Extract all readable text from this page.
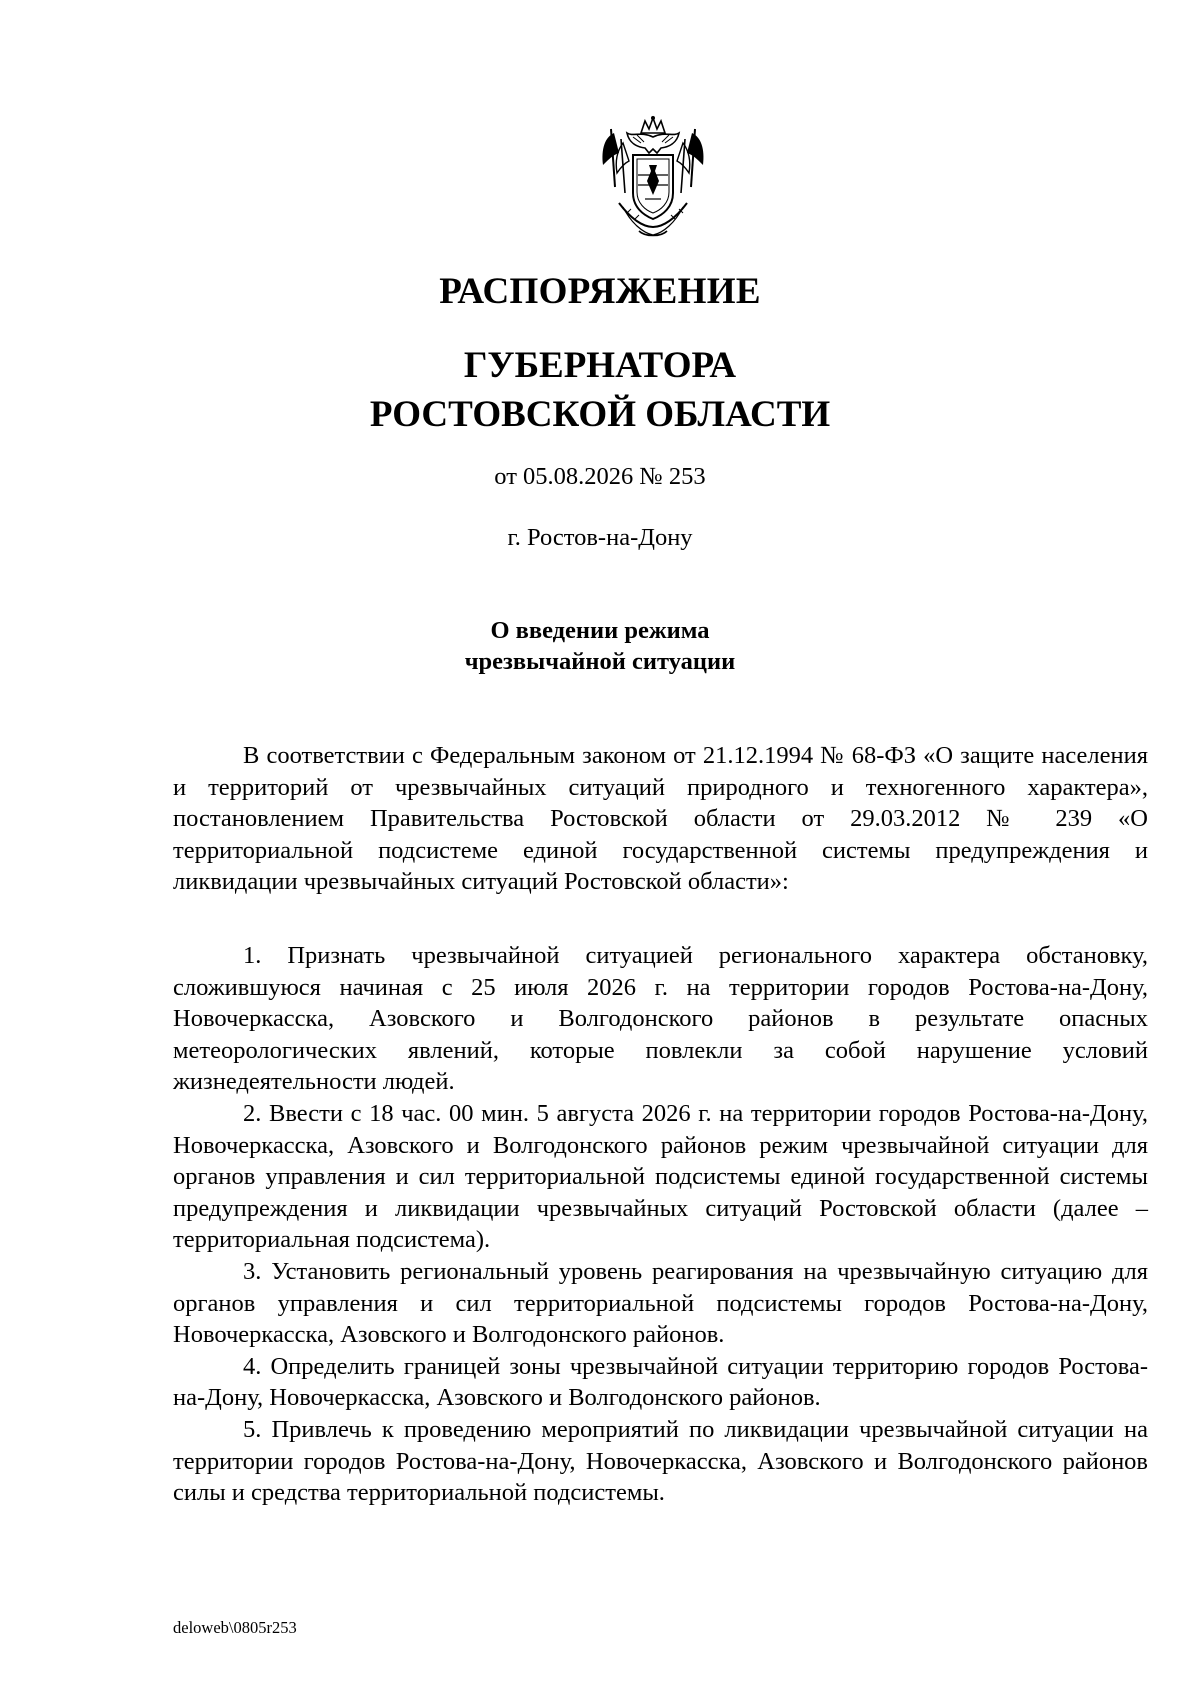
РАСПОРЯЖЕНИЕ
ГУБЕРНАТОРА
РОСТОВСКОЙ ОБЛАСТИ
от 05.08.2026 № 253
г. Ростов-на-Дону
О введении режима
чрезвычайной ситуации

В соответствии с Федеральным законом от 21.12.1994 № 68-ФЗ «О защите населения и территорий от чрезвычайных ситуаций природного и техногенного характера», постановлением Правительства Ростовской области от 29.03.2012 № 239 «О территориальной подсистеме единой государственной системы предупреждения и ликвидации чрезвычайных ситуаций Ростовской области»:

1. Признать чрезвычайной ситуацией регионального характера обстановку, сложившуюся начиная с 25 июля 2026 г. на территории городов Ростова-на-Дону, Новочеркасска, Азовского и Волгодонского районов в результате опасных метеорологических явлений, которые повлекли за собой нарушение условий жизнедеятельности людей.

2. Ввести с 18 час. 00 мин. 5 августа 2026 г. на территории городов Ростова-на-Дону, Новочеркасска, Азовского и Волгодонского районов режим чрезвычайной ситуации для органов управления и сил территориальной подсистемы единой государственной системы предупреждения и ликвидации чрезвычайных ситуаций Ростовской области (далее – территориальная подсистема).

3. Установить региональный уровень реагирования на чрезвычайную ситуацию для органов управления и сил территориальной подсистемы городов Ростова-на-Дону, Новочеркасска, Азовского и Волгодонского районов.

4. Определить границей зоны чрезвычайной ситуации территорию городов Ростова-на-Дону, Новочеркасска, Азовского и Волгодонского районов.

5. Привлечь к проведению мероприятий по ликвидации чрезвычайной ситуации на территории городов Ростова-на-Дону, Новочеркасска, Азовского и Волгодонского районов силы и средства территориальной подсистемы.

deloweb\0805r253
